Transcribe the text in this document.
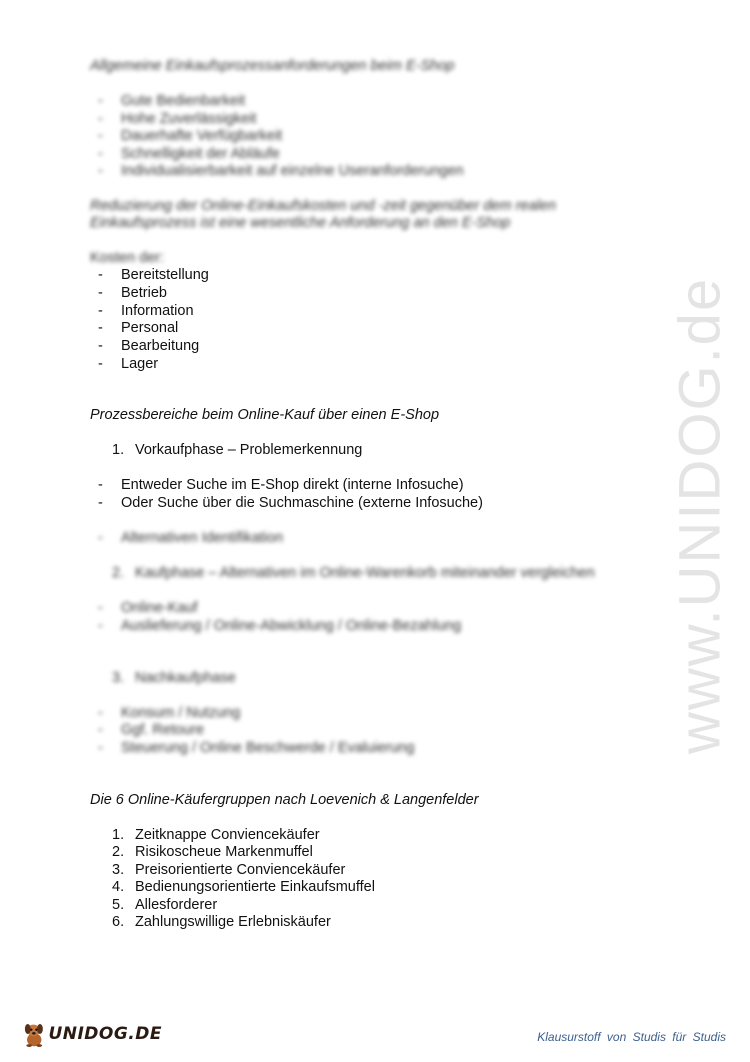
www.UNIDOG.de
Allgemeine Einkaufsprozessanforderungen beim E-Shop
- Gute Bedienbarkeit
- Hohe Zuverlässigkeit
- Dauerhafte Verfügbarkeit
- Schnelligkeit der Abläufe
- Individualisierbarkeit auf einzelne Useranforderungen
Reduzierung der Online-Einkaufskosten und -zeit gegenüber dem realen
Einkaufsprozess ist eine wesentliche Anforderung an den E-Shop
Kosten der:
- Bereitstellung
- Betrieb
- Information
- Personal
- Bearbeitung
- Lager
Prozessbereiche beim Online-Kauf über einen E-Shop
1. Vorkaufphase – Problemerkennung
- Entweder Suche im E-Shop direkt (interne Infosuche)
- Oder Suche über die Suchmaschine (externe Infosuche)
- Alternativen Identifikation
2. Kaufphase – Alternativen im Online-Warenkorb miteinander vergleichen
- Online-Kauf
- Auslieferung / Online-Abwicklung / Online-Bezahlung
3. Nachkaufphase
- Konsum / Nutzung
- Ggf. Retoure
- Steuerung / Online Beschwerde / Evaluierung
Die 6 Online-Käufergruppen nach Loevenich & Langenfelder
1. Zeitknappe Conviencekäufer
2. Risikoscheue Markenmuffel
3. Preisorientierte Conviencekäufer
4. Bedienungsorientierte Einkaufsmuffel
5. Allesforderer
6. Zahlungswillige Erlebniskäufer
UNIDOG.DE	Klausurstoff von Studis für Studis
